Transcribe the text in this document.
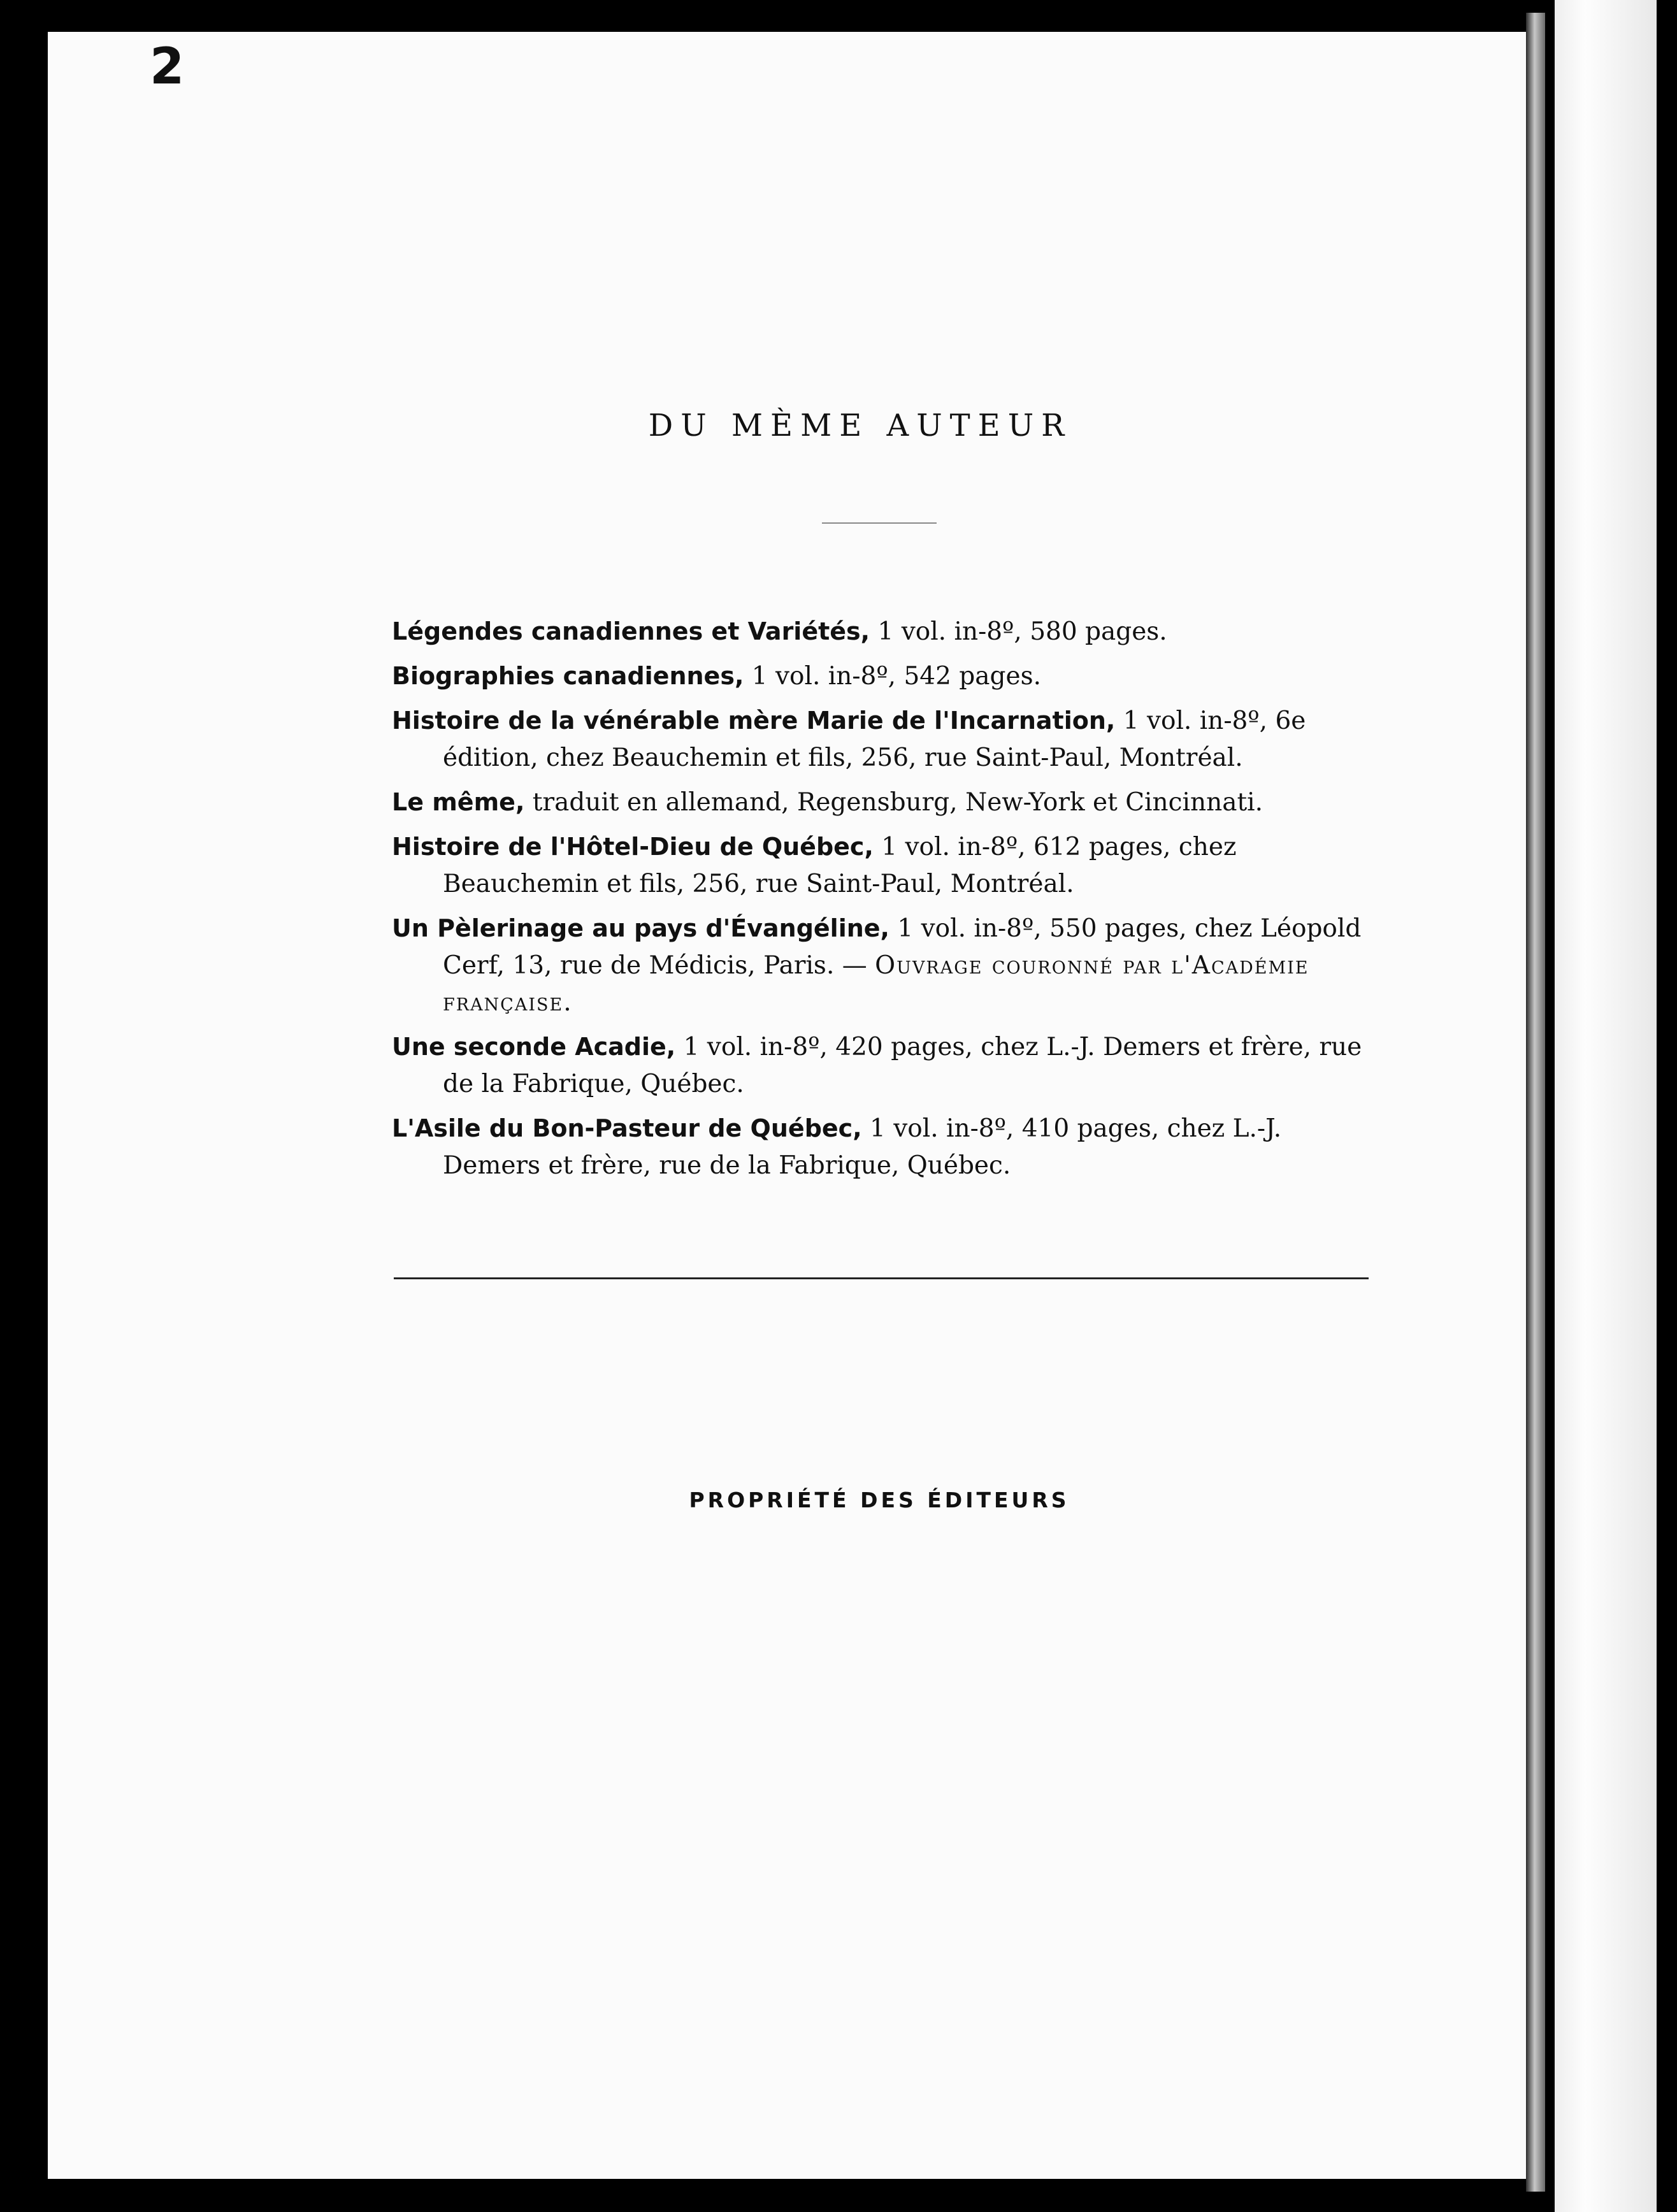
2
DU MÈME AUTEUR
Légendes canadiennes et Variétés, 1 vol. in-8º, 580 pages.
Biographies canadiennes, 1 vol. in-8º, 542 pages.
Histoire de la vénérable mère Marie de l'Incarnation, 1 vol. in-8º, 6e édition, chez Beauchemin et fils, 256, rue Saint-Paul, Montréal.
Le même, traduit en allemand, Regensburg, New-York et Cincinnati.
Histoire de l'Hôtel-Dieu de Québec, 1 vol. in-8º, 612 pages, chez Beauchemin et fils, 256, rue Saint-Paul, Montréal.
Un Pèlerinage au pays d'Évangéline, 1 vol. in-8º, 550 pages, chez Léopold Cerf, 13, rue de Médicis, Paris. — Ouvrage couronné par l'Académie française.
Une seconde Acadie, 1 vol. in-8º, 420 pages, chez L.-J. Demers et frère, rue de la Fabrique, Québec.
L'Asile du Bon-Pasteur de Québec, 1 vol. in-8º, 410 pages, chez L.-J. Demers et frère, rue de la Fabrique, Québec.
PROPRIÉTÉ DES ÉDITEURS
